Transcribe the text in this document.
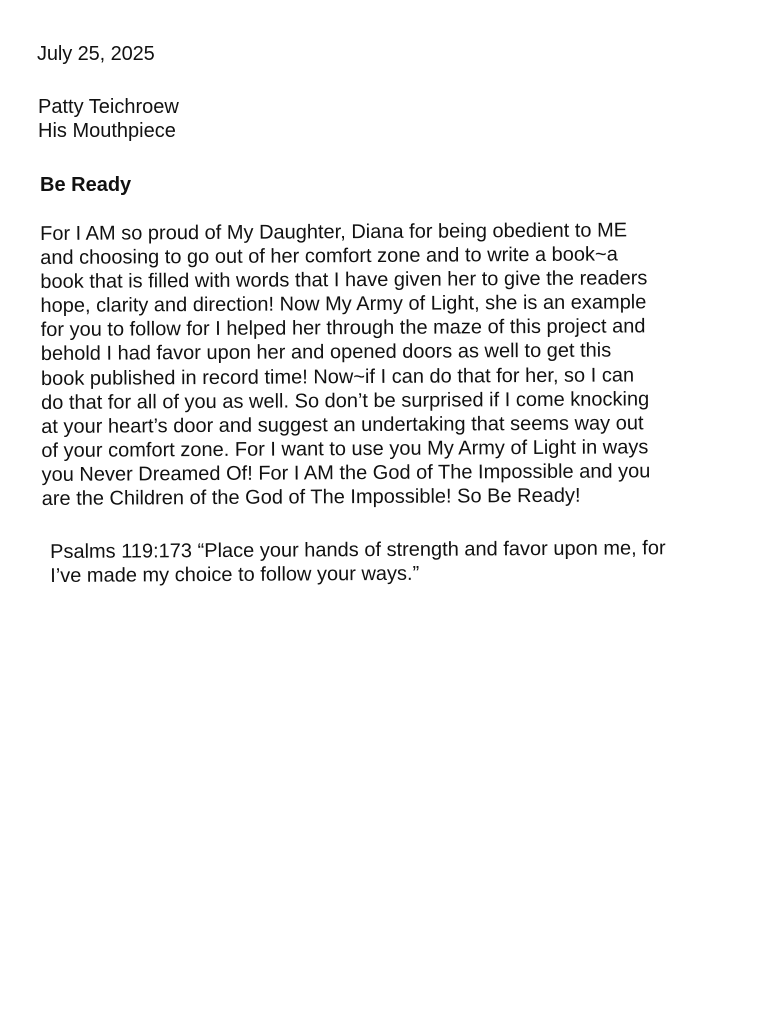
July 25, 2025
Patty Teichroew
His Mouthpiece
Be Ready
For I AM so proud of My Daughter, Diana for being obedient to ME
and choosing to go out of her comfort zone and to write a book~a
book that is filled with words that I have given her to give the readers
hope, clarity and direction! Now My Army of Light, she is an example
for you to follow for I helped her through the maze of this project and
behold I had favor upon her and opened doors as well to get this
book published in record time! Now~if I can do that for her, so I can
do that for all of you as well. So don’t be surprised if I come knocking
at your heart’s door and suggest an undertaking that seems way out
of your comfort zone. For I want to use you My Army of Light in ways
you Never Dreamed Of! For I AM the God of The Impossible and you
are the Children of the God of The Impossible! So Be Ready!
Psalms 119:173 “Place your hands of strength and favor upon me, for
I’ve made my choice to follow your ways.”
